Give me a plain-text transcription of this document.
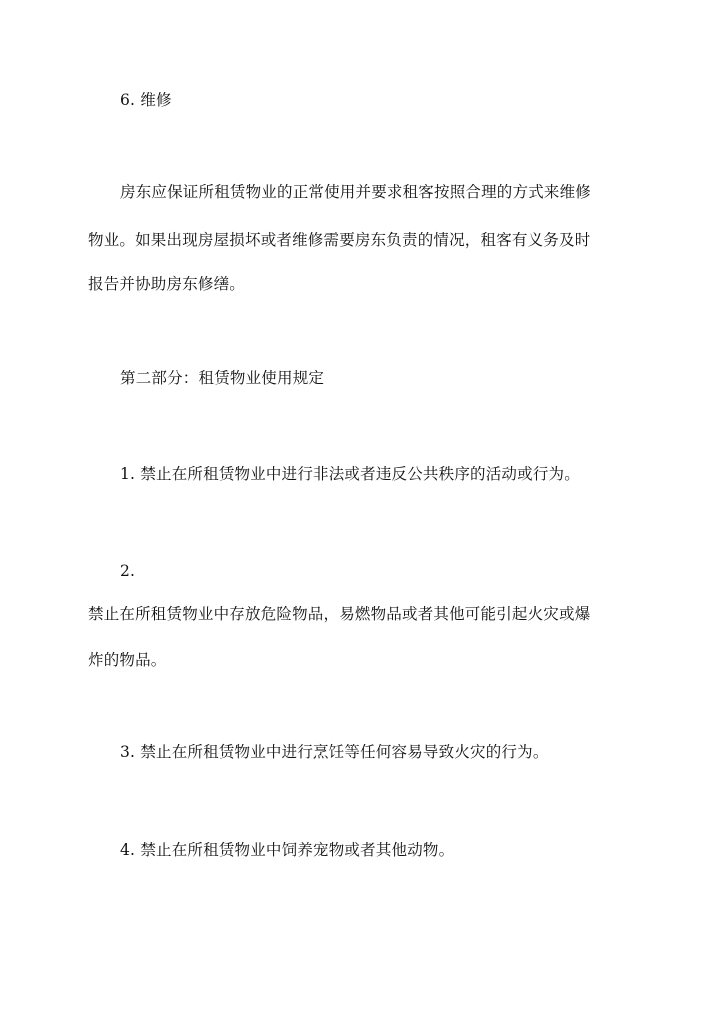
6. 维修
房东应保证所租赁物业的正常使用并要求租客按照合理的方式来维修
物业。如果出现房屋损坏或者维修需要房东负责的情况，租客有义务及时
报告并协助房东修缮。
第二部分：租赁物业使用规定
1. 禁止在所租赁物业中进行非法或者违反公共秩序的活动或行为。
2.
禁止在所租赁物业中存放危险物品，易燃物品或者其他可能引起火灾或爆
炸的物品。
3. 禁止在所租赁物业中进行烹饪等任何容易导致火灾的行为。
4. 禁止在所租赁物业中饲养宠物或者其他动物。
